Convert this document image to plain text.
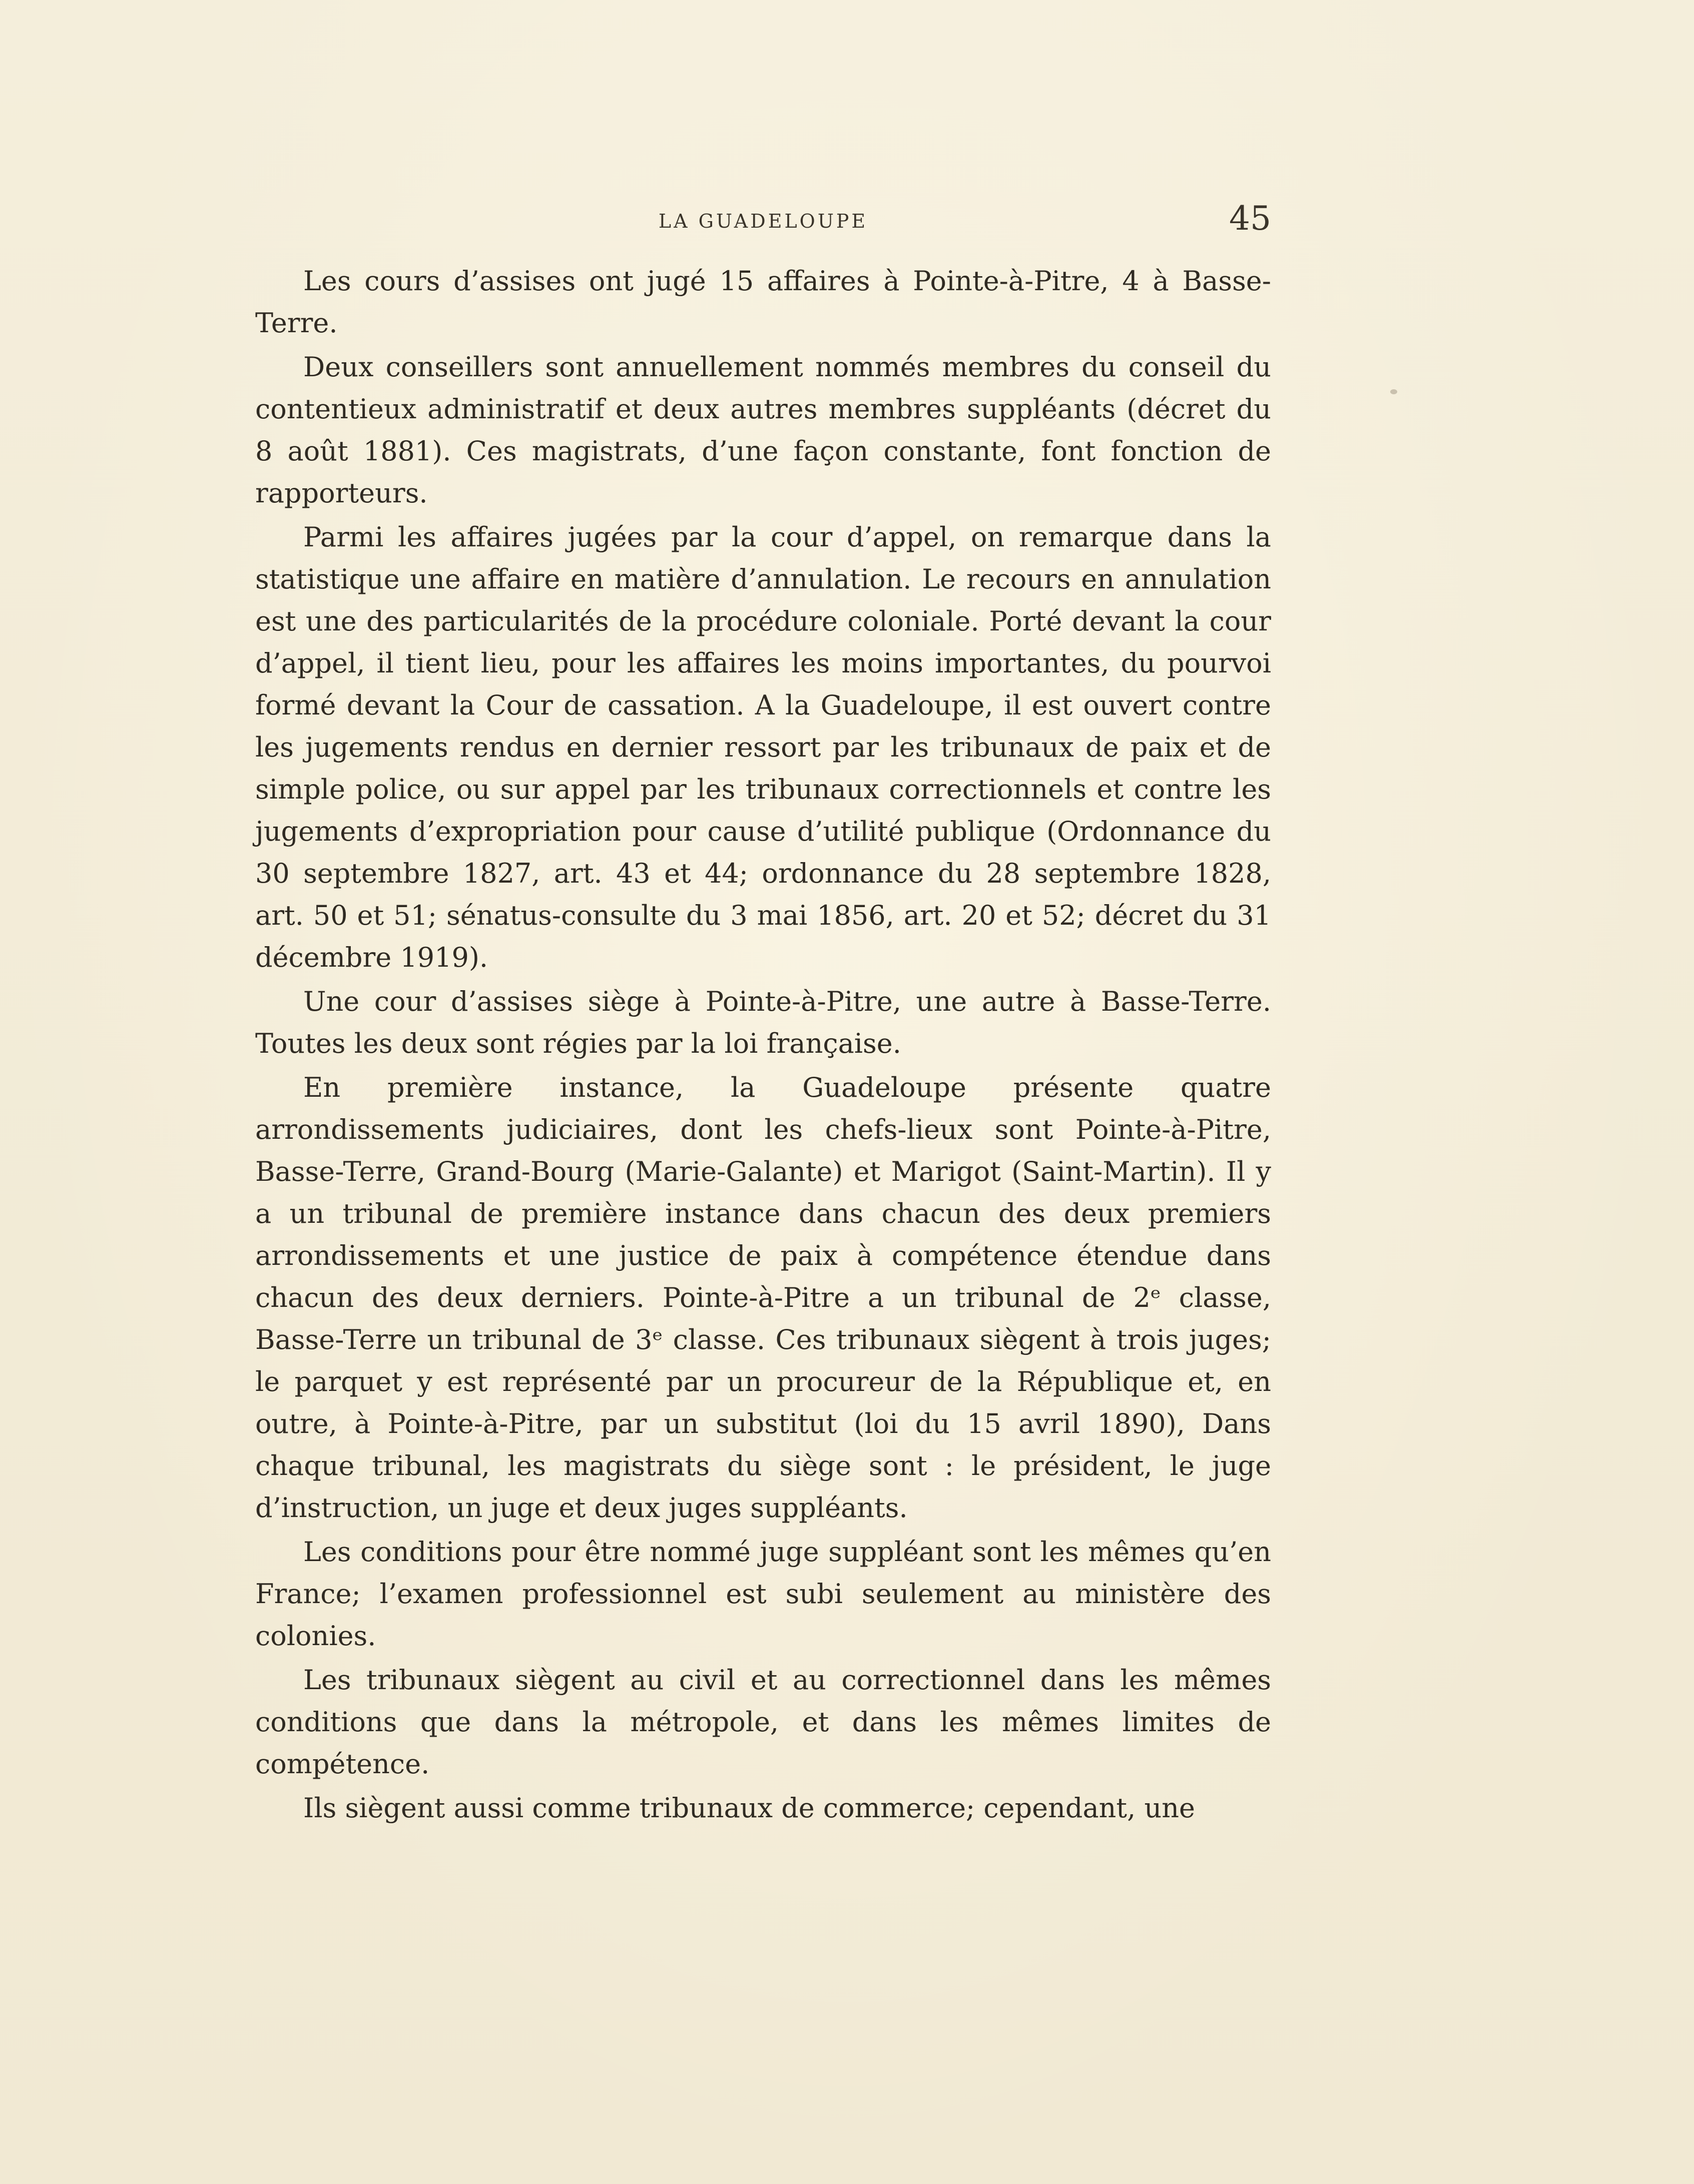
LA GUADELOUPE	45

Les cours d’assises ont jugé 15 affaires à Pointe-à-Pitre, 4 à Basse-Terre.

Deux conseillers sont annuellement nommés membres du conseil du contentieux administratif et deux autres membres suppléants (décret du 8 août 1881). Ces magistrats, d’une façon constante, font fonction de rapporteurs.

Parmi les affaires jugées par la cour d’appel, on remarque dans la statistique une affaire en matière d’annulation. Le recours en annulation est une des particularités de la procédure coloniale. Porté devant la cour d’appel, il tient lieu, pour les affaires les moins importantes, du pourvoi formé devant la Cour de cassation. A la Guadeloupe, il est ouvert contre les jugements rendus en dernier ressort par les tribunaux de paix et de simple police, ou sur appel par les tribunaux correctionnels et contre les jugements d’expropriation pour cause d’utilité publique (Ordonnance du 30 septembre 1827, art. 43 et 44; ordonnance du 28 septembre 1828, art. 50 et 51; sénatus-consulte du 3 mai 1856, art. 20 et 52; décret du 31 décembre 1919).

Une cour d’assises siège à Pointe-à-Pitre, une autre à Basse-Terre. Toutes les deux sont régies par la loi française.

En première instance, la Guadeloupe présente quatre arrondissements judiciaires, dont les chefs-lieux sont Pointe-à-Pitre, Basse-Terre, Grand-Bourg (Marie-Galante) et Marigot (Saint-Martin). Il y a un tribunal de première instance dans chacun des deux premiers arrondissements et une justice de paix à compétence étendue dans chacun des deux derniers. Pointe-à-Pitre a un tribunal de 2ᵉ classe, Basse-Terre un tribunal de 3ᵉ classe. Ces tribunaux siègent à trois juges; le parquet y est représenté par un procureur de la République et, en outre, à Pointe-à-Pitre, par un substitut (loi du 15 avril 1890), Dans chaque tribunal, les magistrats du siège sont : le président, le juge d’instruction, un juge et deux juges suppléants.

Les conditions pour être nommé juge suppléant sont les mêmes qu’en France; l’examen professionnel est subi seulement au ministère des colonies.

Les tribunaux siègent au civil et au correctionnel dans les mêmes conditions que dans la métropole, et dans les mêmes limites de compétence.

Ils siègent aussi comme tribunaux de commerce; cependant, une
